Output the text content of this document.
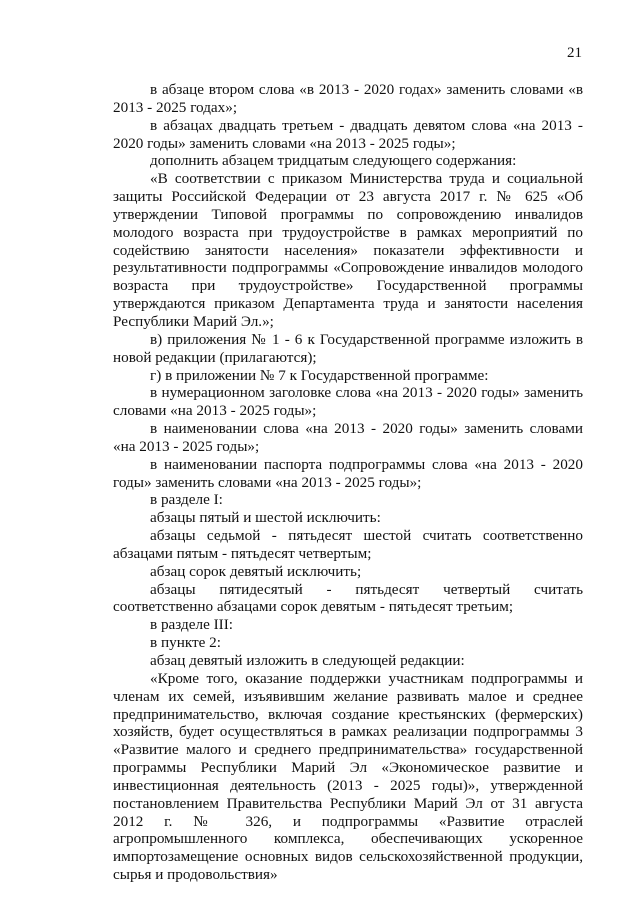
21

в абзаце втором слова «в 2013 - 2020 годах» заменить словами «в 2013 - 2025 годах»;

в абзацах двадцать третьем - двадцать девятом слова «на 2013 - 2020 годы» заменить словами «на 2013 - 2025 годы»;

дополнить абзацем тридцатым следующего содержания:

«В соответствии с приказом Министерства труда и социальной защиты Российской Федерации от 23 августа 2017 г. № 625 «Об утверждении Типовой программы по сопровождению инвалидов молодого возраста при трудоустройстве в рамках мероприятий по содействию занятости населения» показатели эффективности и результативности подпрограммы «Сопровождение инвалидов молодого возраста при трудоустройстве» Государственной программы утверждаются приказом Департамента труда и занятости населения Республики Марий Эл.»;

в) приложения № 1 - 6 к Государственной программе изложить в новой редакции (прилагаются);

г) в приложении № 7 к Государственной программе:

в нумерационном заголовке слова «на 2013 - 2020 годы» заменить словами «на 2013 - 2025 годы»;

в наименовании слова «на 2013 - 2020 годы» заменить словами «на 2013 - 2025 годы»;

в наименовании паспорта подпрограммы слова «на 2013 - 2020 годы» заменить словами «на 2013 - 2025 годы»;

в разделе I:

абзацы пятый и шестой исключить:

абзацы седьмой - пятьдесят шестой считать соответственно абзацами пятым - пятьдесят четвертым;

абзац сорок девятый исключить;

абзацы пятидесятый - пятьдесят четвертый считать соответственно абзацами сорок девятым - пятьдесят третьим;

в разделе III:

в пункте 2:

абзац девятый изложить в следующей редакции:

«Кроме того, оказание поддержки участникам подпрограммы и членам их семей, изъявившим желание развивать малое и среднее предпринимательство, включая создание крестьянских (фермерских) хозяйств, будет осуществляться в рамках реализации подпрограммы 3 «Развитие малого и среднего предпринимательства» государственной программы Республики Марий Эл «Экономическое развитие и инвестиционная деятельность (2013 - 2025 годы)», утвержденной постановлением Правительства Республики Марий Эл от 31 августа 2012 г. № 326, и подпрограммы «Развитие отраслей агропромышленного комплекса, обеспечивающих ускоренное импортозамещение основных видов сельскохозяйственной продукции, сырья и продовольствия»
